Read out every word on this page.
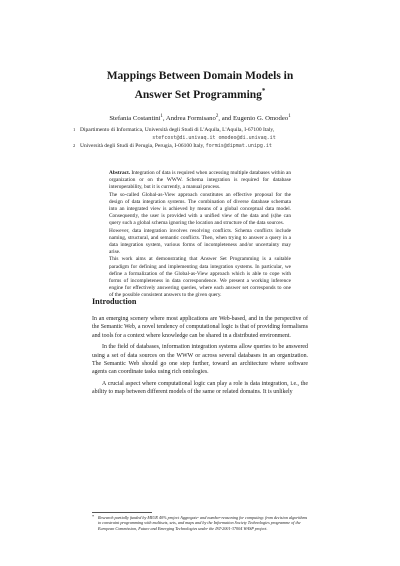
Mappings Between Domain Models in Answer Set Programming*
Stefania Costantini$^1$, Andrea Formisano$^2$, and Eugenio G. Omodeo$^1$
1 Dipartimento di Informatica, Università degli Studi di L'Aquila, L'Aquila, I-67100 Italy,
stefcost@di.univaq.it omodeo@di.univaq.it
2 Università degli Studi di Perugia, Perugia, I-06100 Italy, formis@dipmat.unipg.it

Abstract. Integration of data is required when accessing multiple databases within an organization or on the WWW. Schema integration is required for database interoperability, but it is currently, a manual process.

The so-called Global-as-View approach constitutes an effective proposal for the design of data integration systems. The combination of diverse database schemata into an integrated view is achieved by means of a global conceptual data model. Consequently, the user is provided with a unified view of the data and (s)he can query such a global schema ignoring the location and structure of the data sources.

However, data integration involves resolving conflicts. Schema conflicts include naming, structural, and semantic conflicts. Then, when trying to answer a query in a data integration system, various forms of incompleteness and/or uncertainty may arise.

This work aims at demonstrating that Answer Set Programming is a suitable paradigm for defining and implementing data integration systems. In particular, we define a formalization of the Global-as-View approach which is able to cope with forms of incompleteness in data correspondence. We present a working inference engine for effectively answering queries, where each answer set corresponds to one of the possible consistent answers to the given query.

Introduction

In an emerging scenery where most applications are Web-based, and in the perspective of the Semantic Web, a novel tendency of computational logic is that of providing formalisms and tools for a context where knowledge can be shared in a distributed environment.

In the field of databases, information integration systems allow queries to be answered using a set of data sources on the WWW or across several databases in an organization. The Semantic Web should go one step further, toward an architecture where software agents can coordinate tasks using rich ontologies.

A crucial aspect where computational logic can play a role is data integration, i.e., the ability to map between different models of the same or related domains. It is unlikely

* Research partially funded by MIUR 40% project Aggregate- and number-reasoning for computing: from decision algorithms to constraint programming with multisets, sets, and maps and by the Information Society Technologies programme of the European Commission, Future and Emerging Technologies under the IST-2001-37004 WASP project.
